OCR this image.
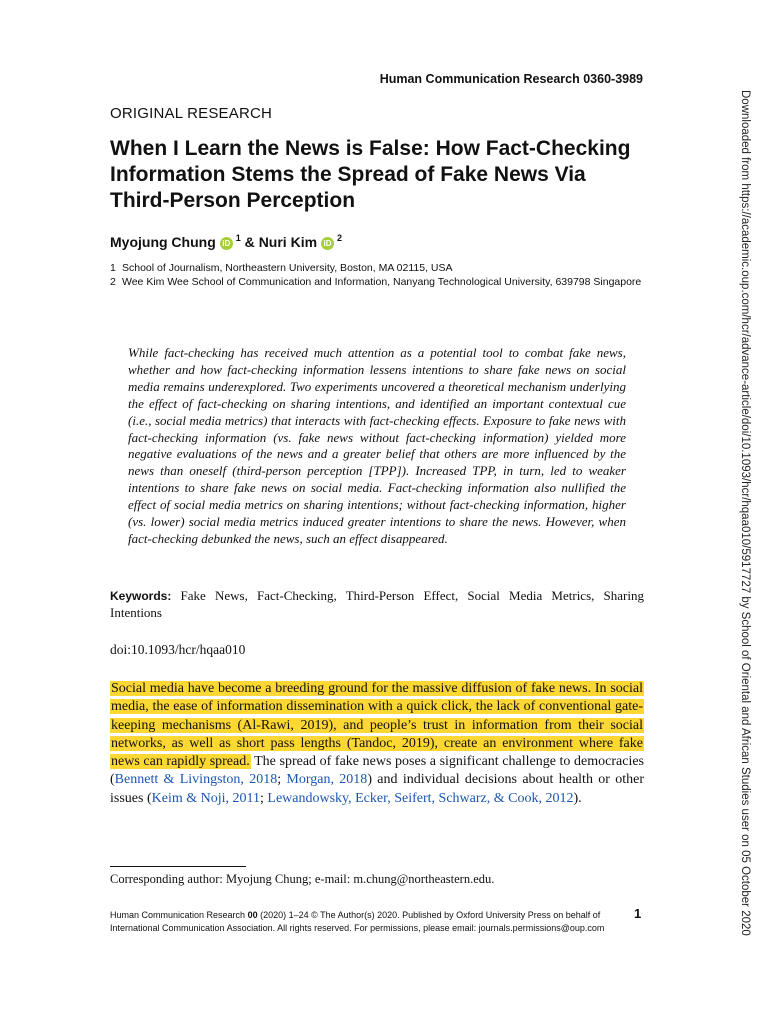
Human Communication Research 0360-3989
ORIGINAL RESEARCH
When I Learn the News is False: How Fact-Checking Information Stems the Spread of Fake News Via Third-Person Perception
Myojung Chung $iD^1$ & Nuri Kim $iD^2$
1 School of Journalism, Northeastern University, Boston, MA 02115, USA
2 Wee Kim Wee School of Communication and Information, Nanyang Technological University, 639798 Singapore
While fact-checking has received much attention as a potential tool to combat fake news, whether and how fact-checking information lessens intentions to share fake news on social media remains underexplored. Two experiments uncovered a theoretical mechanism underlying the effect of fact-checking on sharing intentions, and identified an important contextual cue (i.e., social media metrics) that interacts with fact-checking effects. Exposure to fake news with fact-checking information (vs. fake news without fact-checking information) yielded more negative evaluations of the news and a greater belief that others are more influenced by the news than oneself (third-person perception [TPP]). Increased TPP, in turn, led to weaker intentions to share fake news on social media. Fact-checking information also nullified the effect of social media metrics on sharing intentions; without fact-checking information, higher (vs. lower) social media metrics induced greater intentions to share the news. However, when fact-checking debunked the news, such an effect disappeared.
Keywords: Fake News, Fact-Checking, Third-Person Effect, Social Media Metrics, Sharing Intentions
doi:10.1093/hcr/hqaa010
Social media have become a breeding ground for the massive diffusion of fake news. In social media, the ease of information dissemination with a quick click, the lack of conventional gate-keeping mechanisms (Al-Rawi, 2019), and people’s trust in information from their social networks, as well as short pass lengths (Tandoc, 2019), create an environment where fake news can rapidly spread. The spread of fake news poses a significant challenge to democracies (Bennett & Livingston, 2018; Morgan, 2018) and individual decisions about health or other issues (Keim & Noji, 2011; Lewandowsky, Ecker, Seifert, Schwarz, & Cook, 2012).
Corresponding author: Myojung Chung; e-mail: m.chung@northeastern.edu.
Human Communication Research 00 (2020) 1–24 © The Author(s) 2020. Published by Oxford University Press on behalf of
International Communication Association. All rights reserved. For permissions, please email: journals.permissions@oup.com
1	Downloaded from https://academic.oup.com/hcr/advance-article/doi/10.1093/hcr/hqaa010/5917727 by School of Oriental and African Studies user on 05 October 2020
